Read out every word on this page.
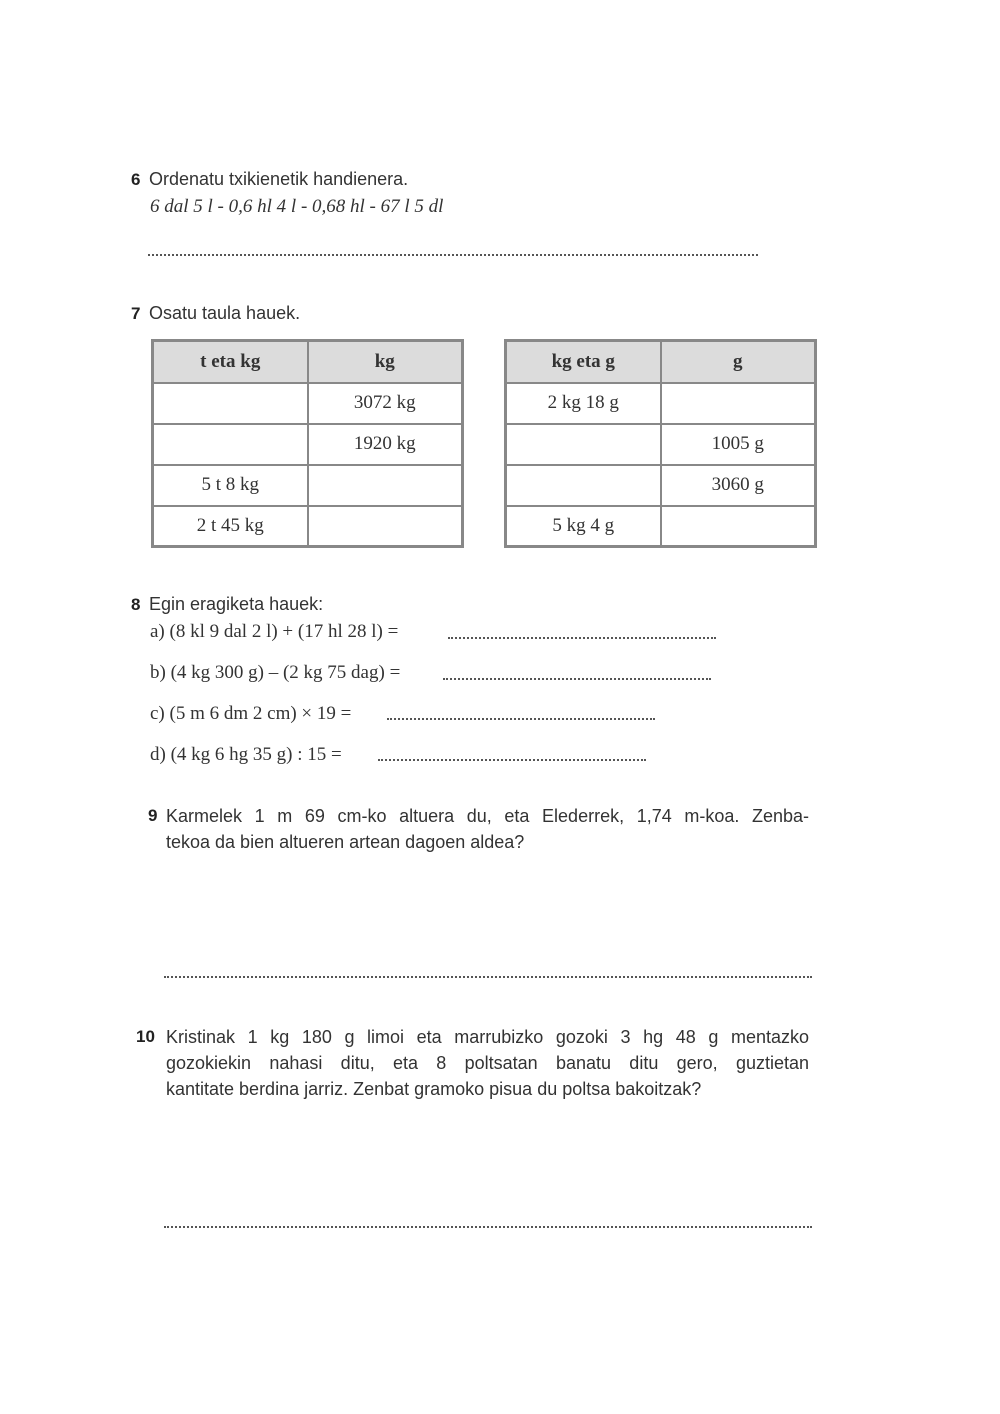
6 Ordenatu txikienetik handienera.
6 dal 5 l - 0,6 hl 4 l - 0,68 hl - 67 l 5 dl
7 Osatu taula hauek.
t eta kg	kg
	3072 kg
	1920 kg
5 t 8 kg	
2 t 45 kg	
kg eta g	g
2 kg 18 g	
	1005 g
	3060 g
5 kg 4 g	
8 Egin eragiketa hauek:
a) (8 kl 9 dal 2 l) + (17 hl 28 l) =
b) (4 kg 300 g) – (2 kg 75 dag) =
c) (5 m 6 dm 2 cm) × 19 =
d) (4 kg 6 hg 35 g) : 15 =
9 Karmelek 1 m 69 cm-ko altuera du, eta Elederrek, 1,74 m-koa. Zenba-
tekoa da bien altueren artean dagoen aldea?
10 Kristinak 1 kg 180 g limoi eta marrubizko gozoki 3 hg 48 g mentazko
gozokiekin nahasi ditu, eta 8 poltsatan banatu ditu gero, guztietan
kantitate berdina jarriz. Zenbat gramoko pisua du poltsa bakoitzak?
